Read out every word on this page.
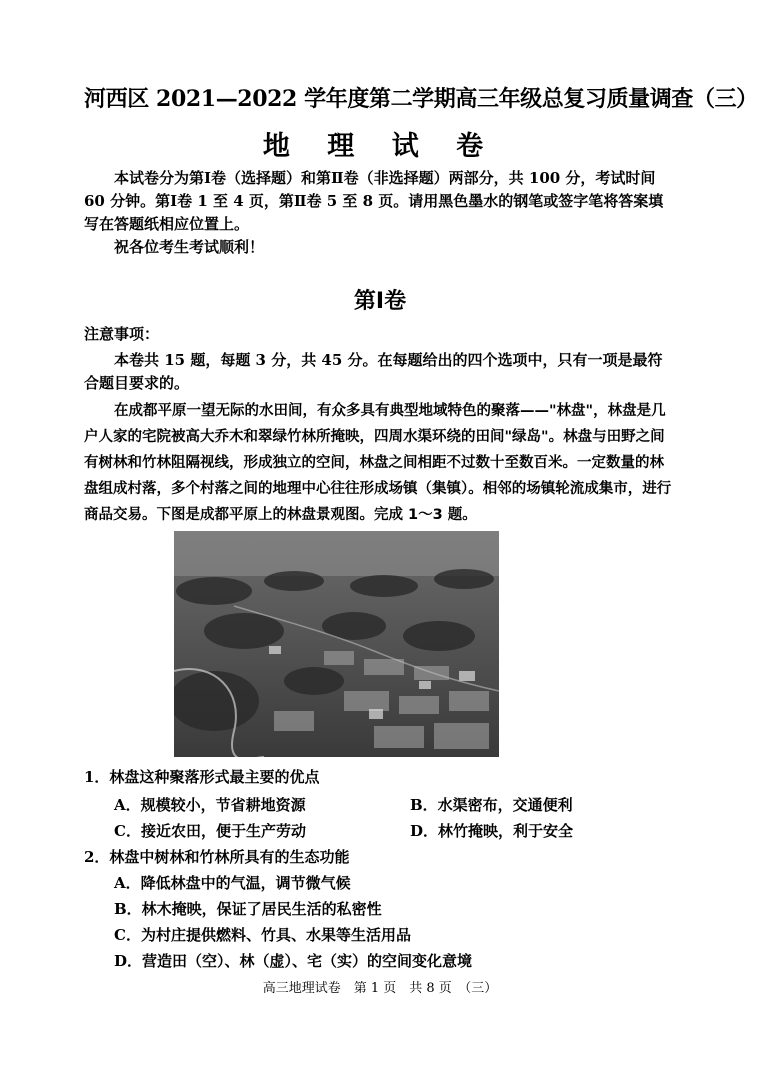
河西区 2021—2022 学年度第二学期高三年级总复习质量调查（三）
地 理 试 卷
本试卷分为第Ⅰ卷（选择题）和第Ⅱ卷（非选择题）两部分，共 100 分，考试时间 60 分钟。第Ⅰ卷 1 至 4 页，第Ⅱ卷 5 至 8 页。请用黑色墨水的钢笔或签字笔将答案填写在答题纸相应位置上。
祝各位考生考试顺利！
第Ⅰ卷
注意事项：
本卷共 15 题，每题 3 分，共 45 分。在每题给出的四个选项中，只有一项是最符合题目要求的。
在成都平原一望无际的水田间，有众多具有典型地域特色的聚落——"林盘"，林盘是几户人家的宅院被高大乔木和翠绿竹林所掩映，四周水渠环绕的田间"绿岛"。林盘与田野之间有树林和竹林阻隔视线，形成独立的空间，林盘之间相距不过数十至数百米。一定数量的林盘组成村落，多个村落之间的地理中心往往形成场镇（集镇）。相邻的场镇轮流成集市，进行商品交易。下图是成都平原上的林盘景观图。完成 1～3 题。
1．林盘这种聚落形式最主要的优点
A．规模较小，节省耕地资源	B．水渠密布，交通便利
C．接近农田，便于生产劳动	D．林竹掩映，利于安全
2．林盘中树林和竹林所具有的生态功能
A．降低林盘中的气温，调节微气候
B．林木掩映，保证了居民生活的私密性
C．为村庄提供燃料、竹具、水果等生活用品
D．营造田（空）、林（虚）、宅（实）的空间变化意境
高三地理试卷　第 1 页　共 8 页　（三）
